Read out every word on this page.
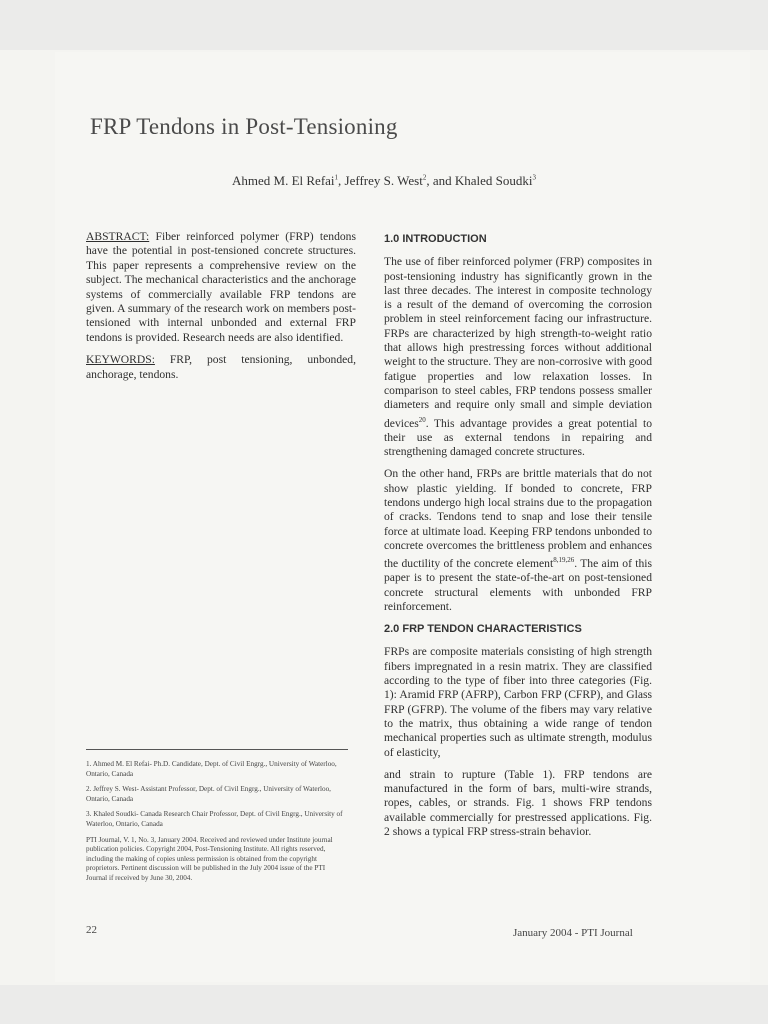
FRP Tendons in Post-Tensioning
Ahmed M. El Refai$^1$, Jeffrey S. West$^2$, and Khaled Soudki$^3$

ABSTRACT: Fiber reinforced polymer (FRP) tendons have the potential in post-tensioned concrete structures. This paper represents a comprehensive review on the subject. The mechanical characteristics and the anchorage systems of commercially available FRP tendons are given. A summary of the research work on members post-tensioned with internal unbonded and external FRP tendons is provided. Research needs are also identified.

KEYWORDS: FRP, post tensioning, unbonded, anchorage, tendons.

1.0 INTRODUCTION

The use of fiber reinforced polymer (FRP) composites in post-tensioning industry has significantly grown in the last three decades. The interest in composite technology is a result of the demand of overcoming the corrosion problem in steel reinforcement facing our infrastructure. FRPs are characterized by high strength-to-weight ratio that allows high prestressing forces without additional weight to the structure. They are non-corrosive with good fatigue properties and low relaxation losses. In comparison to steel cables, FRP tendons possess smaller diameters and require only small and simple deviation devices$^{20}$. This advantage provides a great potential to their use as external tendons in repairing and strengthening damaged concrete structures.

On the other hand, FRPs are brittle materials that do not show plastic yielding. If bonded to concrete, FRP tendons undergo high local strains due to the propagation of cracks. Tendons tend to snap and lose their tensile force at ultimate load. Keeping FRP tendons unbonded to concrete overcomes the brittleness problem and enhances the ductility of the concrete element$^{8,19,26}$. The aim of this paper is to present the state-of-the-art on post-tensioned concrete structural elements with unbonded FRP reinforcement.

2.0 FRP TENDON CHARACTERISTICS

FRPs are composite materials consisting of high strength fibers impregnated in a resin matrix. They are classified according to the type of fiber into three categories (Fig. 1): Aramid FRP (AFRP), Carbon FRP (CFRP), and Glass FRP (GFRP). The volume of the fibers may vary relative to the matrix, thus obtaining a wide range of tendon mechanical properties such as ultimate strength, modulus of elasticity,

and strain to rupture (Table 1). FRP tendons are manufactured in the form of bars, multi-wire strands, ropes, cables, or strands. Fig. 1 shows FRP tendons available commercially for prestressed applications. Fig. 2 shows a typical FRP stress-strain behavior.

1. Ahmed M. El Refai- Ph.D. Candidate, Dept. of Civil Engrg., University of Waterloo, Ontario, Canada

2. Jeffrey S. West- Assistant Professor, Dept. of Civil Engrg., University of Waterloo, Ontario, Canada

3. Khaled Soudki- Canada Research Chair Professor, Dept. of Civil Engrg., University of Waterloo, Ontario, Canada

PTI Journal, V. 1, No. 3, January 2004. Received and reviewed under Institute journal publication policies. Copyright 2004, Post-Tensioning Institute. All rights reserved, including the making of copies unless permission is obtained from the copyright proprietors. Pertinent discussion will be published in the July 2004 issue of the PTI Journal if received by June 30, 2004.

22	January 2004 - PTI Journal
